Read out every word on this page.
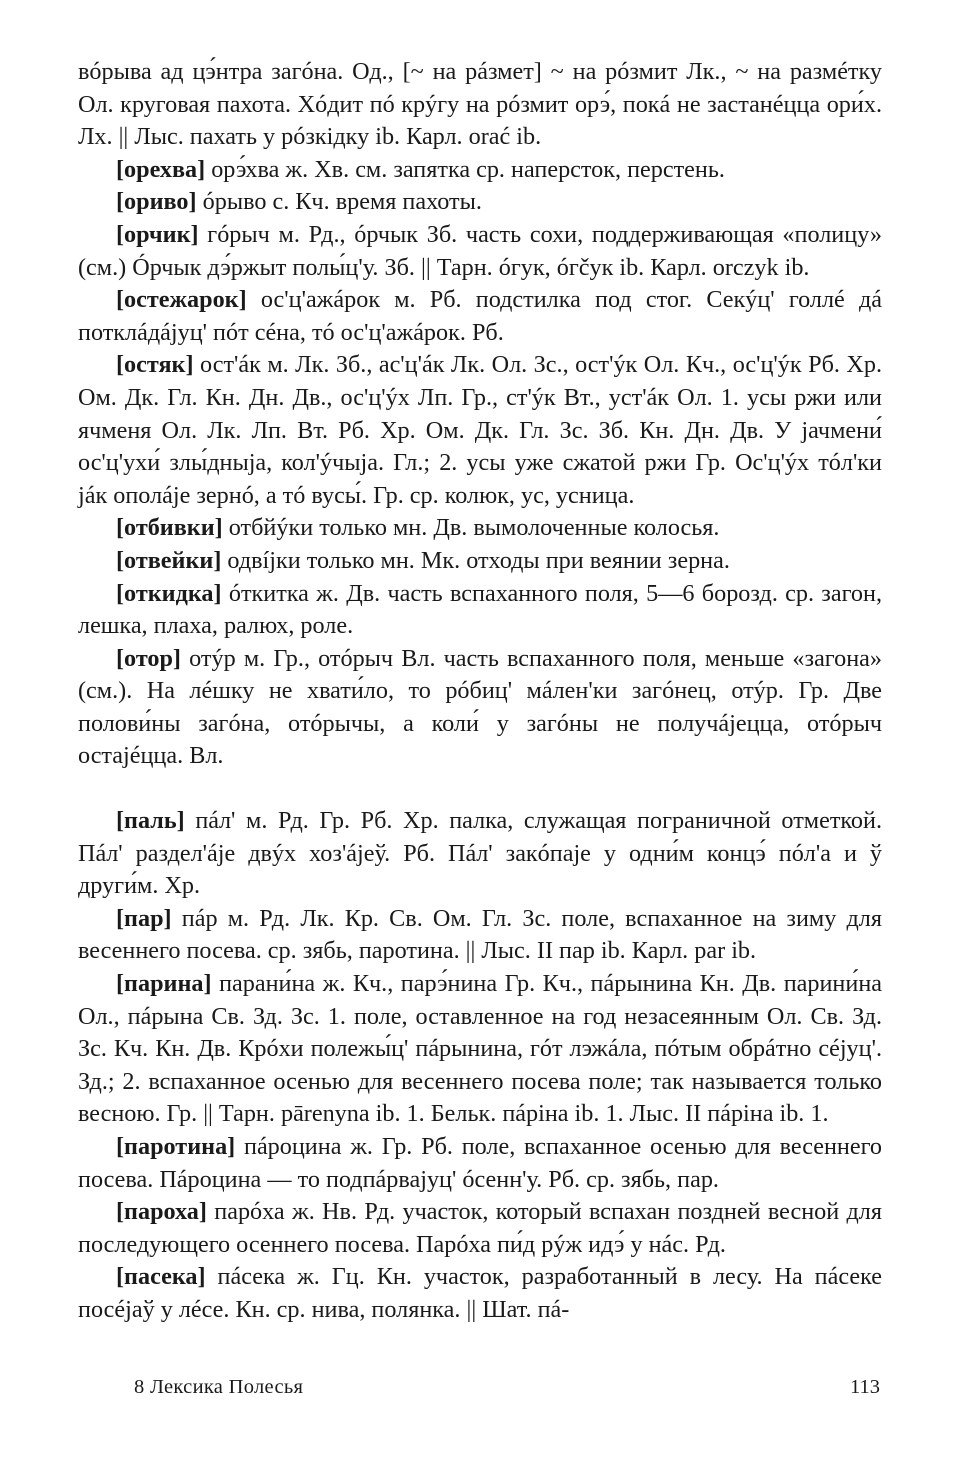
вóрыва ад цэ́нтра загóна. Од., [~ на рáзмет] ~ на рóзмит Лк., ~ на размéтку Ол. круговая пахота. Хóдит пó крýгу на рóзмит орэ́, покá не застанéцца ори́х. Лх. || Лыс. пахать у рóзкідку ib. Карл. orać ib.

[орехва] орэ́хва ж. Хв. см. запятка ср. наперсток, перстень.

[ориво] óрыво с. Кч. время пахоты.

[орчик] гóрыч м. Рд., óрчык Зб. часть сохи, поддерживающая «полицу» (см.) Óрчык дэ́ржыт полы́ц'у. Зб. || Тарн. óгук, óгčук ib. Карл. orczyk ib.

[остежарок] ос'ц'ажáрок м. Рб. подстилка под стог. Секýц' голлé дá потклáдáјуц' пóт сéна, тó ос'ц'ажáрок. Рб.

[остяк] ост'áк м. Лк. Зб., ас'ц'áк Лк. Ол. Зс., ост'ýк Ол. Кч., ос'ц'ýк Рб. Хр. Ом. Дк. Гл. Кн. Дн. Дв., ос'ц'ýх Лп. Гр., ст'ýк Вт., уст'áк Ол. 1. усы ржи или ячменя Ол. Лк. Лп. Вт. Рб. Хр. Ом. Дк. Гл. Зс. Зб. Кн. Дн. Дв. У јачмени́ ос'ц'ухи́ злы́дныја, кол'ýчыја. Гл.; 2. усы уже сжатой ржи Гр. Ос'ц'ýх тóл'ки јáк ополáје зернó, а тó вусы́. Гр. ср. колюк, ус, усница.

[отбивки] отбйýки только мн. Дв. вымолоченные колосья.

[отвейки] одвíјки только мн. Мк. отходы при веянии зерна.

[откидка] óткитка ж. Дв. часть вспаханного поля, 5—6 борозд. ср. загон, лешка, плаха, ралюх, роле.

[отор] отýр м. Гр., отóрыч Вл. часть вспаханного поля, меньше «загона» (см.). На лéшку не хвати́ло, то рóбиц' мáлен'ки загóнец, отýр. Гр. Две полови́ны загóна, отóрычы, а коли́ у загóны не получáјецца, отóрыч остајéцца. Вл.

[паль] пáл' м. Рд. Гр. Рб. Хр. палка, служащая пограничной отметкой. Пáл' раздел'áје двýх хоз'áјеў. Рб. Пáл' закóпаје у одни́м концэ́ пóл'а и ў други́м. Хр.

[пар] пáр м. Рд. Лк. Кр. Св. Ом. Гл. Зс. поле, вспаханное на зиму для весеннего посева. ср. зябь, паротина. || Лыс. II пар ib. Карл. par ib.

[парина] парани́на ж. Кч., парэ́нина Гр. Кч., пáрынина Кн. Дв. парини́на Ол., пáрына Св. Зд. Зс. 1. поле, оставленное на год незасеянным Ол. Св. Зд. Зс. Кч. Кн. Дв. Крóхи полежы́ц' пáрынина, гóт лэжáла, пóтым обрáтно сéјуц'. Зд.; 2. вспаханное осенью для весеннего посева поле; так называется только весною. Гр. || Тарн. pārenyna ib. 1. Бельк. пáріна ib. 1. Лыс. II пáріна ib. 1.

[паротина] пáроцина ж. Гр. Рб. поле, вспаханное осенью для весеннего посева. Пáроцина — то подпáрвајуц' óсенн'у. Рб. ср. зябь, пар.

[пароха] парóха ж. Нв. Рд. участок, который вспахан поздней весной для последующего осеннего посева. Парóха пи́д рýж идэ́ у нáс. Рд.

[пасека] пáсека ж. Гц. Кн. участок, разработанный в лесу. На пáсеке посéјаў у лéсе. Кн. ср. нива, полянка. || Шат. пá-

8 Лексика Полесья	113
